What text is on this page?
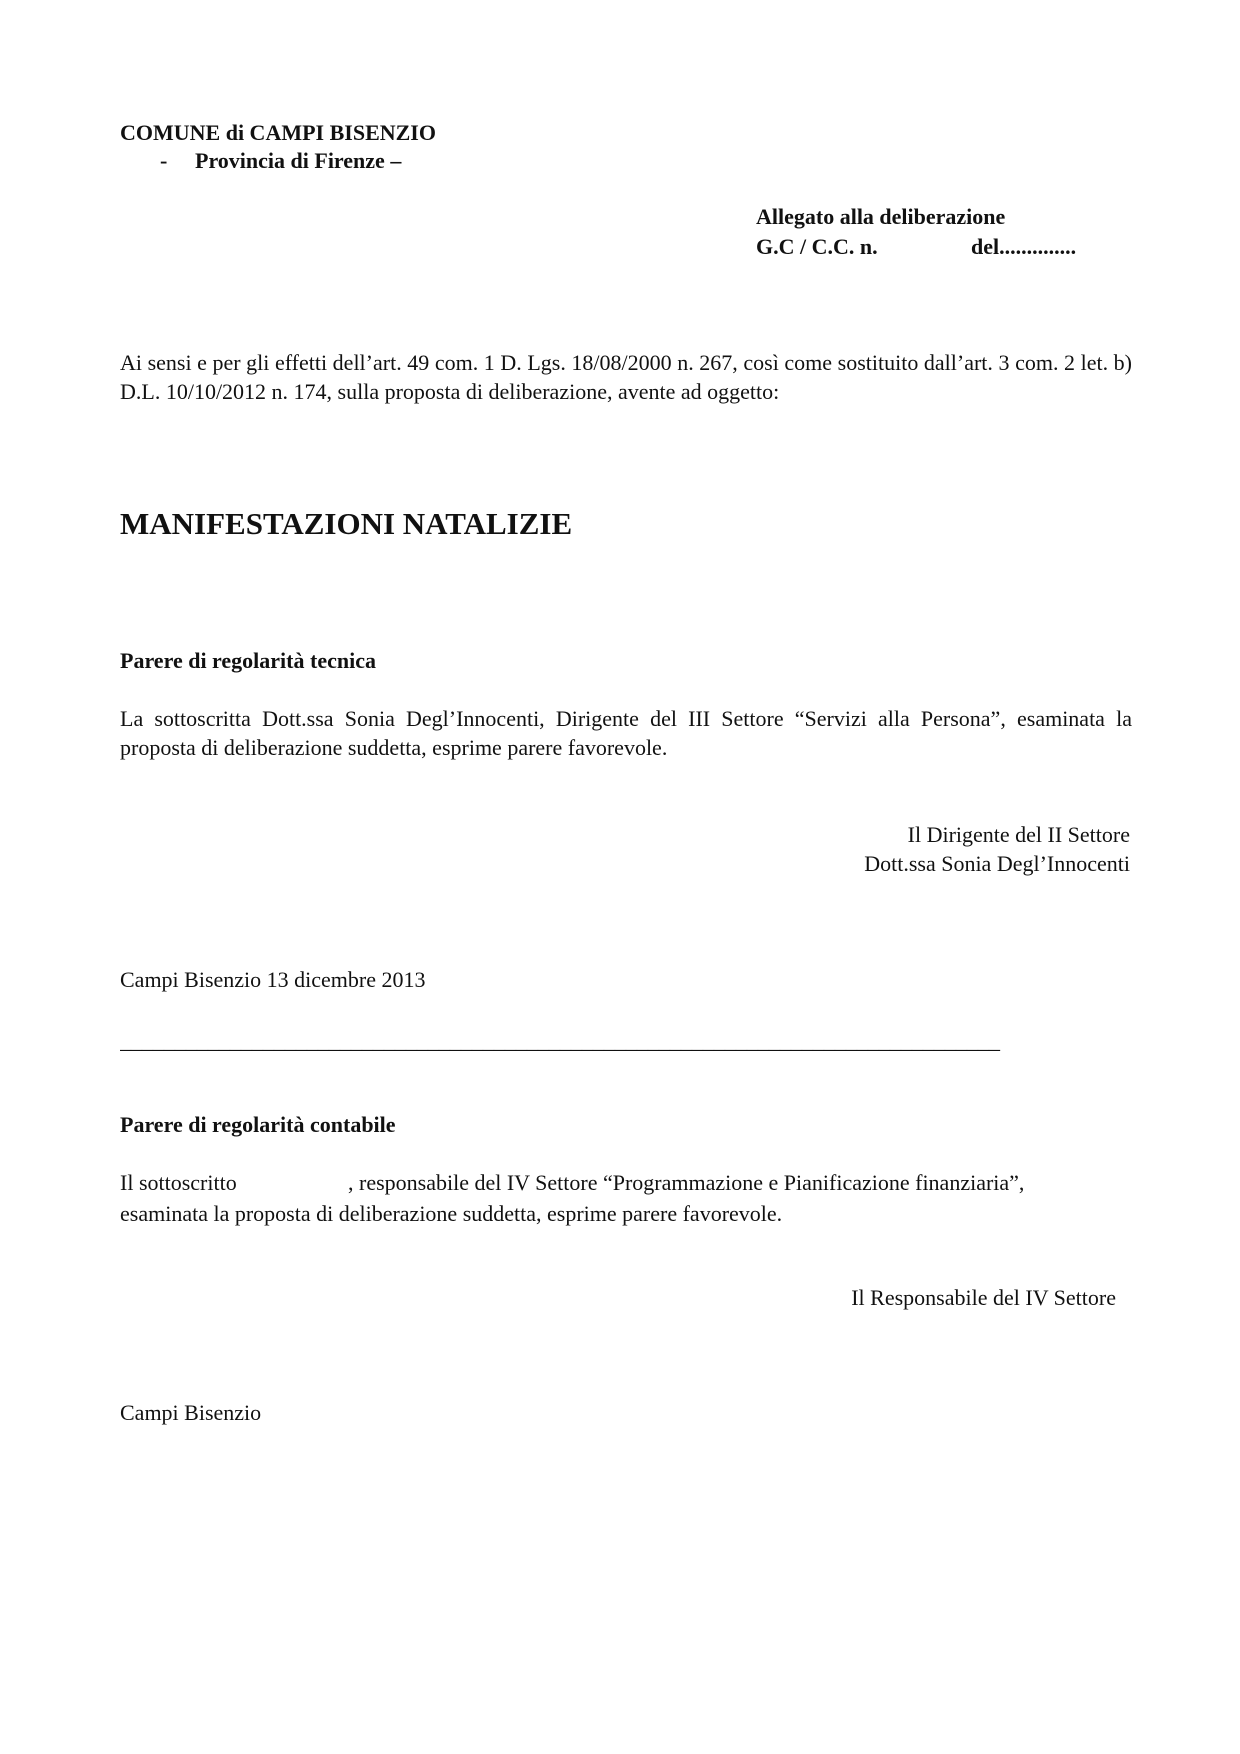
COMUNE di CAMPI BISENZIO
- Provincia di Firenze –
Allegato alla deliberazione
G.C / C.C. n.	del..............
Ai sensi e per gli effetti dell’art. 49 com. 1 D. Lgs. 18/08/2000 n. 267, così come sostituito dall’art. 3 com. 2 let. b) D.L. 10/10/2012 n. 174, sulla proposta di deliberazione, avente ad oggetto:
MANIFESTAZIONI NATALIZIE
Parere di regolarità tecnica
La sottoscritta Dott.ssa Sonia Degl’Innocenti, Dirigente del III Settore “Servizi alla Persona”, esaminata la proposta di deliberazione suddetta, esprime parere favorevole.
Il Dirigente del II Settore
Dott.ssa Sonia Degl’Innocenti
Campi Bisenzio 13 dicembre 2013
________________________________________________________________________________
Parere di regolarità contabile
Il sottoscritto	, responsabile del IV Settore “Programmazione e Pianificazione finanziaria”,
esaminata la proposta di deliberazione suddetta, esprime parere favorevole.
Il Responsabile del IV Settore
Campi Bisenzio
